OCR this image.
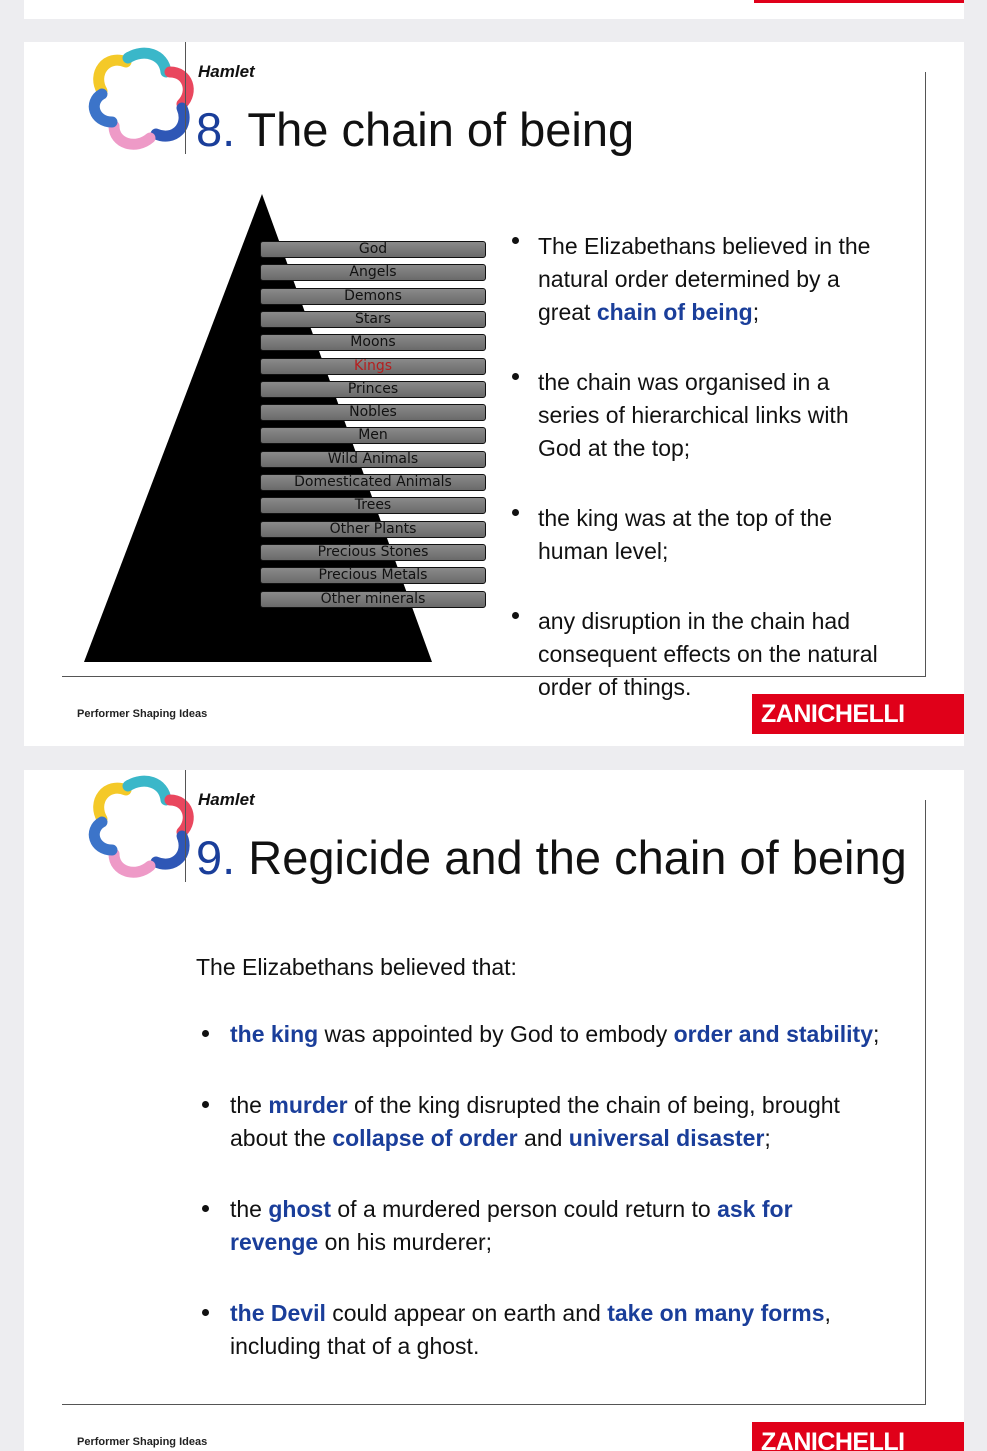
Hamlet
8. The chain of being
God
Angels
Demons
Stars
Moons
Kings
Princes
Nobles
Men
Wild Animals
Domesticated Animals
Trees
Other Plants
Precious Stones
Precious Metals
Other minerals
The Elizabethans believed in the natural order determined by a great chain of being;
the chain was organised in a series of hierarchical links with God at the top;
the king was at the top of the human level;
any disruption in the chain had consequent effects on the natural order of things.
Performer Shaping Ideas	ZANICHELLI
Hamlet
9. Regicide and the chain of being
The Elizabethans believed that:
the king was appointed by God to embody order and stability;
the murder of the king disrupted the chain of being, brought about the collapse of order and universal disaster;
the ghost of a murdered person could return to ask for revenge on his murderer;
the Devil could appear on earth and take on many forms, including that of a ghost.
Performer Shaping Ideas	ZANICHELLI
